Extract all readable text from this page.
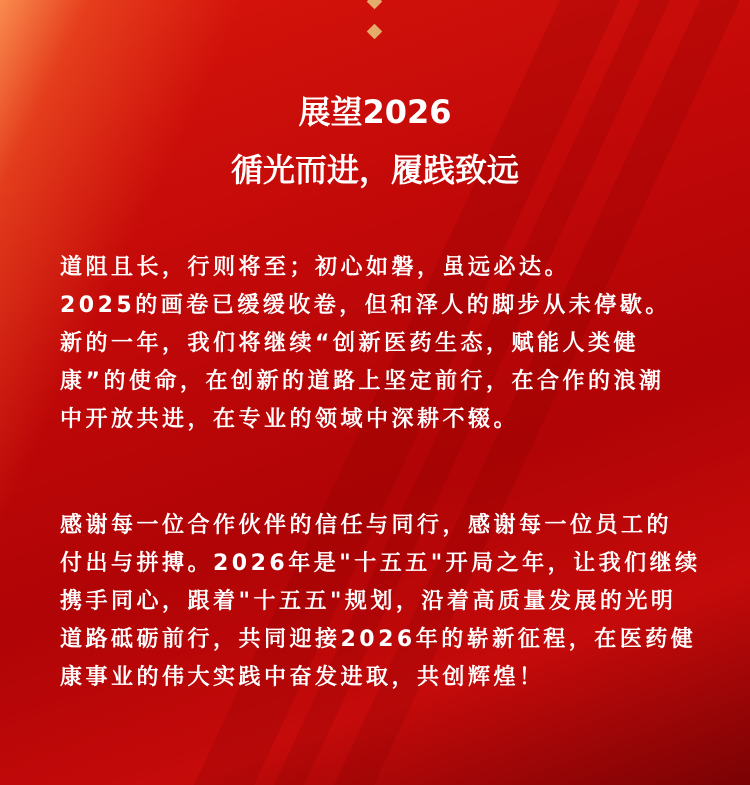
展望2026
循光而进，履践致远
道阻且长，行则将至；初心如磐，虽远必达。
2025的画卷已缓缓收卷，但和泽人的脚步从未停歇。
新的一年，我们将继续“创新医药生态，赋能人类健
康”的使命，在创新的道路上坚定前行，在合作的浪潮
中开放共进，在专业的领域中深耕不辍。
感谢每一位合作伙伴的信任与同行，感谢每一位员工的
付出与拼搏。2026年是"十五五"开局之年，让我们继续
携手同心，跟着"十五五"规划，沿着高质量发展的光明
道路砥砺前行，共同迎接2026年的崭新征程，在医药健
康事业的伟大实践中奋发进取，共创辉煌！
